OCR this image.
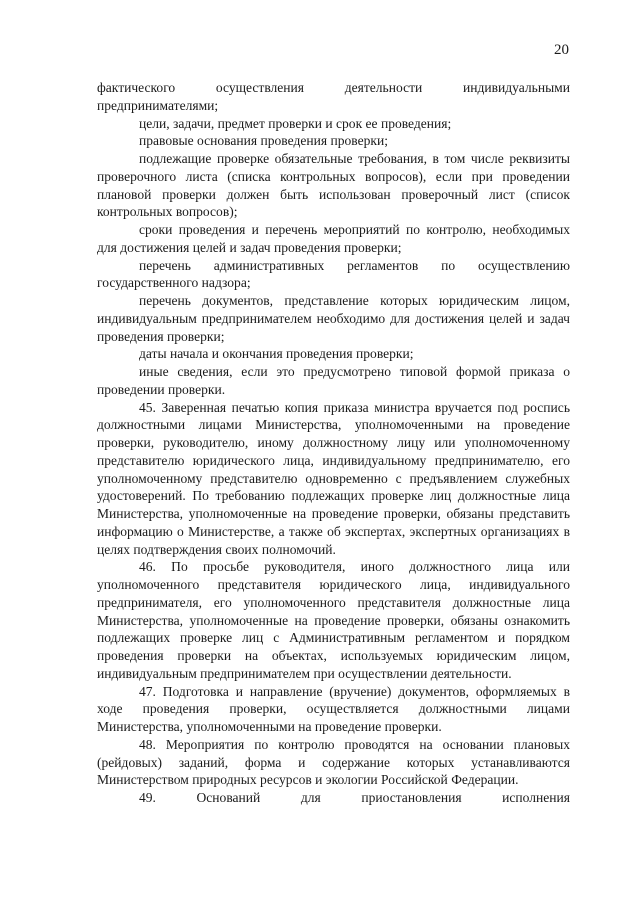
20

фактического осуществления деятельности индивидуальными предпринимателями;

цели, задачи, предмет проверки и срок ее проведения;

правовые основания проведения проверки;

подлежащие проверке обязательные требования, в том числе реквизиты проверочного листа (списка контрольных вопросов), если при проведении плановой проверки должен быть использован проверочный лист (список контрольных вопросов);

сроки проведения и перечень мероприятий по контролю, необходимых для достижения целей и задач проведения проверки;

перечень административных регламентов по осуществлению государственного надзора;

перечень документов, представление которых юридическим лицом, индивидуальным предпринимателем необходимо для достижения целей и задач проведения проверки;

даты начала и окончания проведения проверки;

иные сведения, если это предусмотрено типовой формой приказа о проведении проверки.

45. Заверенная печатью копия приказа министра вручается под роспись должностными лицами Министерства, уполномоченными на проведение проверки, руководителю, иному должностному лицу или уполномоченному представителю юридического лица, индивидуальному предпринимателю, его уполномоченному представителю одновременно с предъявлением служебных удостоверений. По требованию подлежащих проверке лиц должностные лица Министерства, уполномоченные на проведение проверки, обязаны представить информацию о Министерстве, а также об экспертах, экспертных организациях в целях подтверждения своих полномочий.

46. По просьбе руководителя, иного должностного лица или уполномоченного представителя юридического лица, индивидуального предпринимателя, его уполномоченного представителя должностные лица Министерства, уполномоченные на проведение проверки, обязаны ознакомить подлежащих проверке лиц с Административным регламентом и порядком проведения проверки на объектах, используемых юридическим лицом, индивидуальным предпринимателем при осуществлении деятельности.

47. Подготовка и направление (вручение) документов, оформляемых в ходе проведения проверки, осуществляется должностными лицами Министерства, уполномоченными на проведение проверки.

48. Мероприятия по контролю проводятся на основании плановых (рейдовых) заданий, форма и содержание которых устанавливаются Министерством природных ресурсов и экологии Российской Федерации.

49. Оснований для приостановления исполнения
